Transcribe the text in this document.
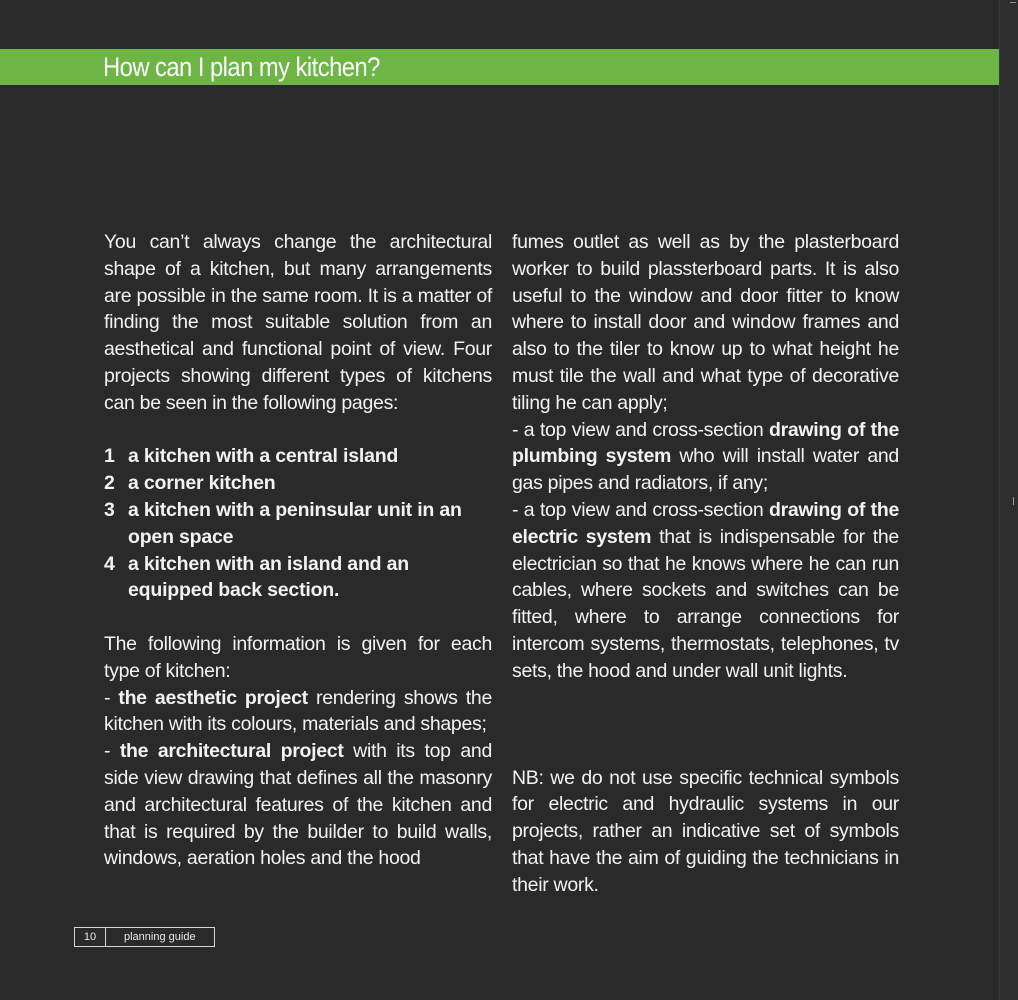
How can I plan my kitchen?

You can’t always change the architectural shape of a kitchen, but many arrangements are possible in the same room. It is a matter of finding the most suitable solution from an aesthetical and functional point of view. Four projects showing different types of kitchens can be seen in the following pages:

1 a kitchen with a central island
2 a corner kitchen
3 a kitchen with a peninsular unit in an open space
4 a kitchen with an island and an equipped back section.

The following information is given for each type of kitchen:

- the aesthetic project rendering shows the kitchen with its colours, materials and shapes;

- the architectural project with its top and side view drawing that defines all the masonry and architectural features of the kitchen and that is required by the builder to build walls, windows, aeration holes and the hood

fumes outlet as well as by the plasterboard worker to build plassterboard parts. It is also useful to the window and door fitter to know where to install door and window frames and also to the tiler to know up to what height he must tile the wall and what type of decorative tiling he can apply;

- a top view and cross-section drawing of the plumbing system who will install water and gas pipes and radiators, if any;

- a top view and cross-section drawing of the electric system that is indispensable for the electrician so that he knows where he can run cables, where sockets and switches can be fitted, where to arrange connections for intercom systems, thermostats, telephones, tv sets, the hood and under wall unit lights.

NB: we do not use specific technical symbols for electric and hydraulic systems in our projects, rather an indicative set of symbols that have the aim of guiding the technicians in their work.

10	planning guide
